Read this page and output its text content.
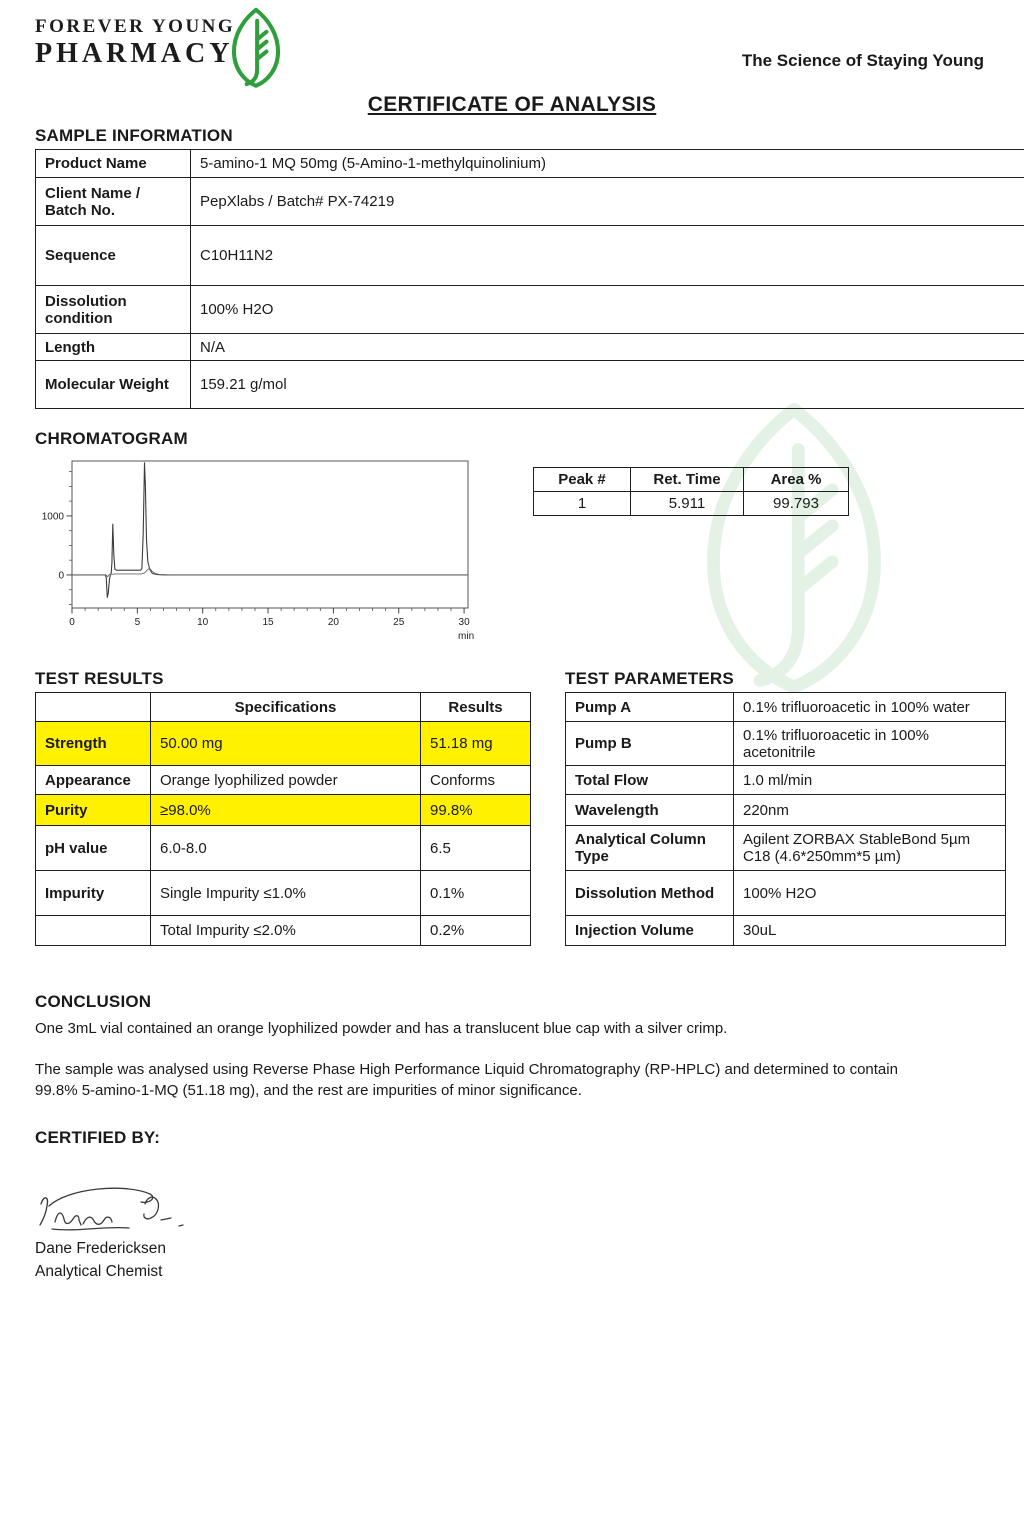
FOREVER YOUNG
PHARMACY	The Science of Staying Young
CERTIFICATE OF ANALYSIS
SAMPLE INFORMATION
Product Name	5-amino-1 MQ 50mg (5-Amino-1-methylquinolinium)
Client Name / Batch No.	PepXlabs / Batch# PX-74219
Sequence	C10H11N2
Dissolution condition	100% H2O
Length	N/A
Molecular Weight	159.21 g/mol
CHROMATOGRAM
0	5	10	15	20	25	30
min
0
1000
Peak #	Ret. Time	Area %
1	5.911	99.793
TEST RESULTS
	Specifications	Results
Strength	50.00 mg	51.18 mg
Appearance	Orange lyophilized powder	Conforms
Purity	≥98.0%	99.8%
pH value	6.0-8.0	6.5
Impurity	Single Impurity ≤1.0%	0.1%
	Total Impurity ≤2.0%	0.2%
TEST PARAMETERS
Pump A	0.1% trifluoroacetic in 100% water
Pump B	0.1% trifluoroacetic in 100% acetonitrile
Total Flow	1.0 ml/min
Wavelength	220nm
Analytical Column Type	Agilent ZORBAX StableBond 5µm C18 (4.6*250mm*5 µm)
Dissolution Method	100% H2O
Injection Volume	30uL
CONCLUSION
One 3mL vial contained an orange lyophilized powder and has a translucent blue cap with a silver crimp.
The sample was analysed using Reverse Phase High Performance Liquid Chromatography (RP-HPLC) and determined to contain 99.8% 5-amino-1-MQ (51.18 mg), and the rest are impurities of minor significance.
CERTIFIED BY:
Dane Fredericksen
Analytical Chemist
